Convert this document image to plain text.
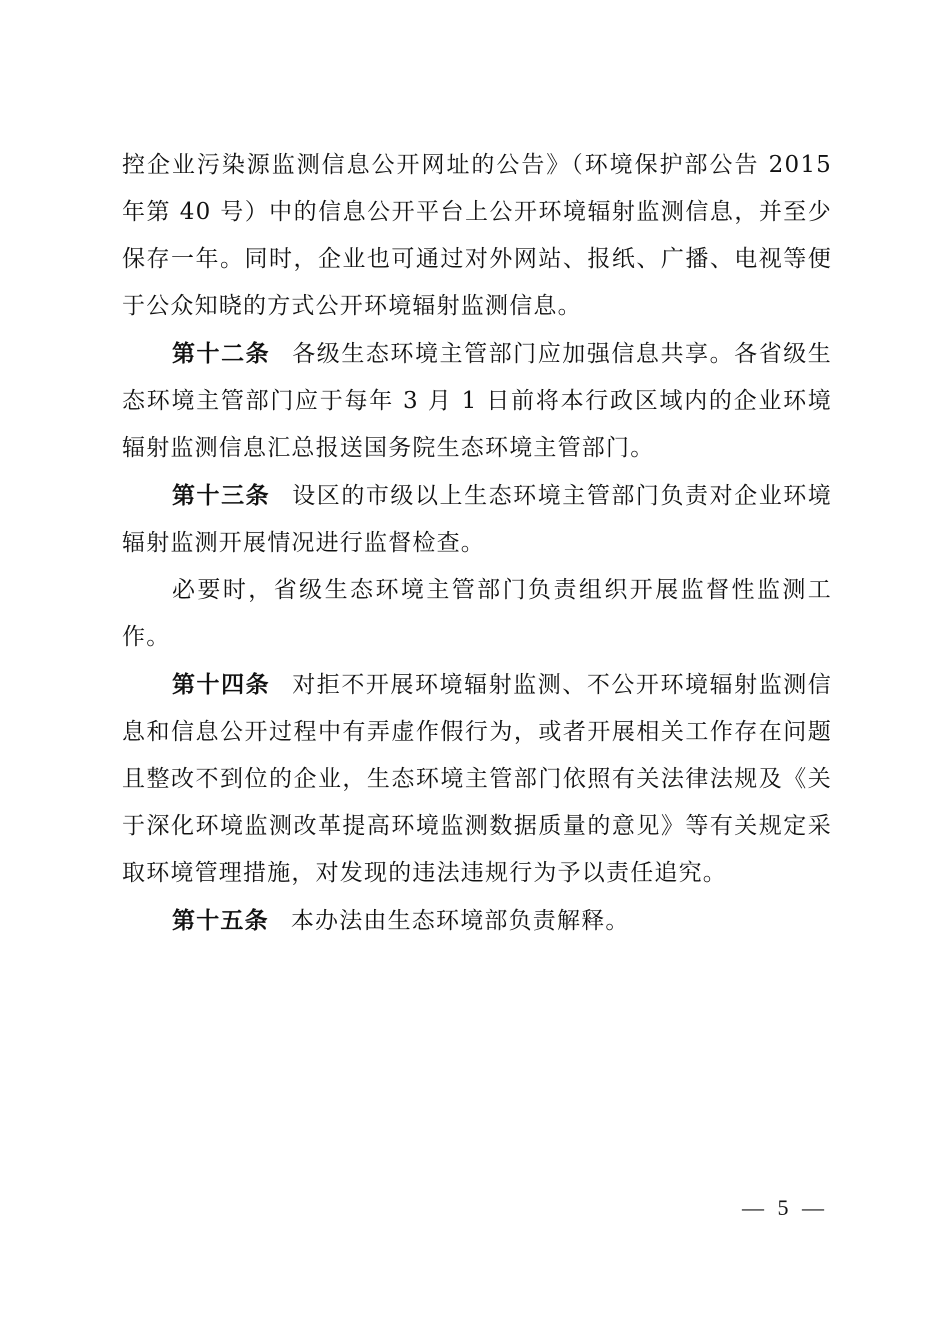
控企业污染源监测信息公开网址的公告》（环境保护部公告 2015 年第 40 号）中的信息公开平台上公开环境辐射监测信息，并至少保存一年。同时，企业也可通过对外网站、报纸、广播、电视等便于公众知晓的方式公开环境辐射监测信息。

第十二条 各级生态环境主管部门应加强信息共享。各省级生态环境主管部门应于每年 3 月 1 日前将本行政区域内的企业环境辐射监测信息汇总报送国务院生态环境主管部门。

第十三条 设区的市级以上生态环境主管部门负责对企业环境辐射监测开展情况进行监督检查。

必要时，省级生态环境主管部门负责组织开展监督性监测工作。

第十四条 对拒不开展环境辐射监测、不公开环境辐射监测信息和信息公开过程中有弄虚作假行为，或者开展相关工作存在问题且整改不到位的企业，生态环境主管部门依照有关法律法规及《关于深化环境监测改革提高环境监测数据质量的意见》等有关规定采取环境管理措施，对发现的违法违规行为予以责任追究。

第十五条 本办法由生态环境部负责解释。

— 5 —
